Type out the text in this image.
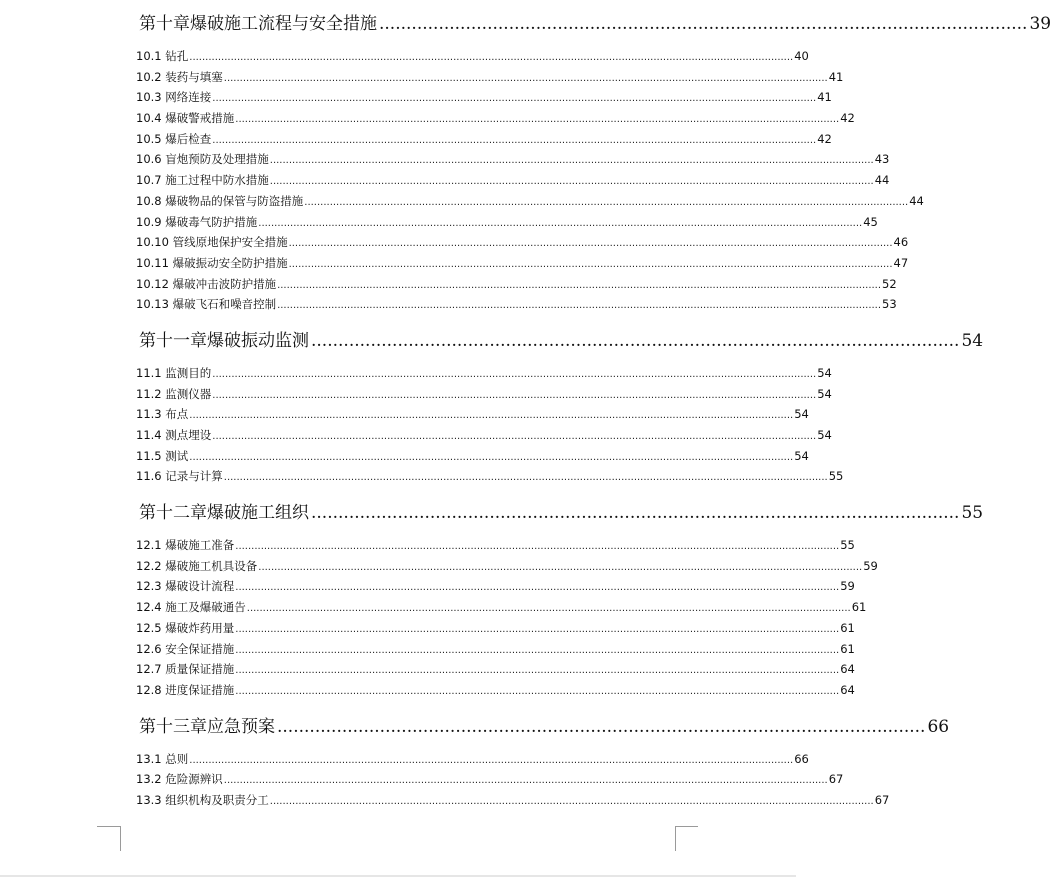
第十章 爆破施工流程与安全措施 ........................................................................................................................ 39
10.1 钻孔 .............................................................................................................................................................................................. 40
10.2 装药与填塞 .............................................................................................................................................................................................. 41
10.3 网络连接 .............................................................................................................................................................................................. 41
10.4 爆破警戒措施 .............................................................................................................................................................................................. 42
10.5 爆后检查 .............................................................................................................................................................................................. 42
10.6 盲炮预防及处理措施 .............................................................................................................................................................................................. 43
10.7 施工过程中防水措施 .............................................................................................................................................................................................. 44
10.8 爆破物品的保管与防盗措施 .............................................................................................................................................................................................. 44
10.9 爆破毒气防护措施 .............................................................................................................................................................................................. 45
10.10 管线原地保护安全措施 .............................................................................................................................................................................................. 46
10.11 爆破振动安全防护措施 .............................................................................................................................................................................................. 47
10.12 爆破冲击波防护措施 .............................................................................................................................................................................................. 52
10.13 爆破飞石和噪音控制 .............................................................................................................................................................................................. 53
第十一章 爆破振动监测 ........................................................................................................................ 54
11.1 监测目的 .............................................................................................................................................................................................. 54
11.2 监测仪器 .............................................................................................................................................................................................. 54
11.3 布点 .............................................................................................................................................................................................. 54
11.4 测点埋设 .............................................................................................................................................................................................. 54
11.5 测试 .............................................................................................................................................................................................. 54
11.6 记录与计算 .............................................................................................................................................................................................. 55
第十二章 爆破施工组织 ........................................................................................................................ 55
12.1 爆破施工准备 .............................................................................................................................................................................................. 55
12.2 爆破施工机具设备 .............................................................................................................................................................................................. 59
12.3 爆破设计流程 .............................................................................................................................................................................................. 59
12.4 施工及爆破通告 .............................................................................................................................................................................................. 61
12.5 爆破炸药用量 .............................................................................................................................................................................................. 61
12.6 安全保证措施 .............................................................................................................................................................................................. 61
12.7 质量保证措施 .............................................................................................................................................................................................. 64
12.8 进度保证措施 .............................................................................................................................................................................................. 64
第十三章 应急预案 ........................................................................................................................ 66
13.1 总则 .............................................................................................................................................................................................. 66
13.2 危险源辨识 .............................................................................................................................................................................................. 67
13.3 组织机构及职责分工 .............................................................................................................................................................................................. 67
